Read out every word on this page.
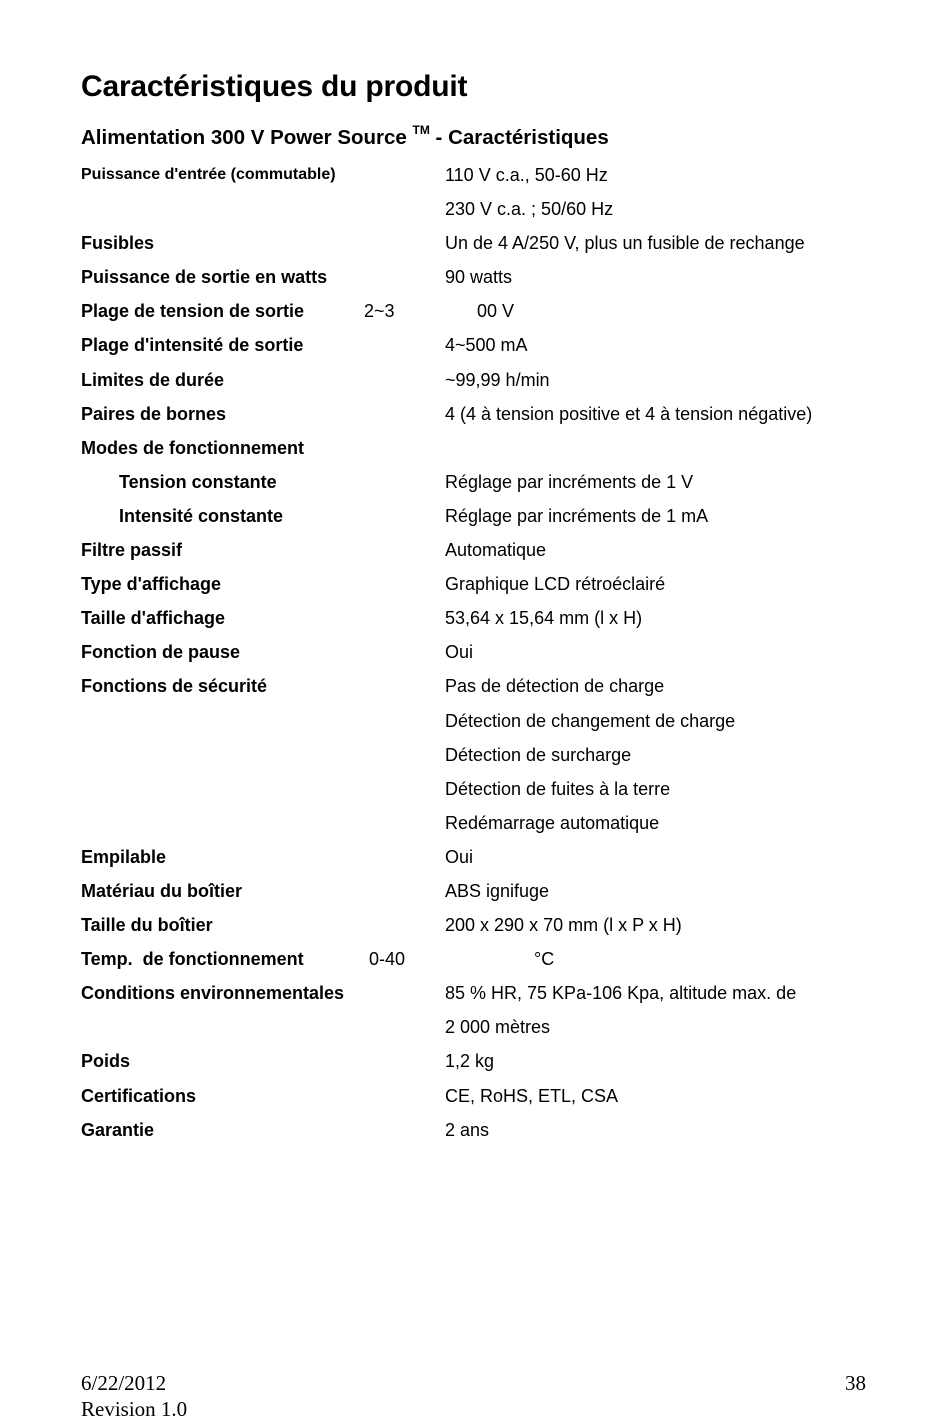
Caractéristiques du produit
Alimentation 300 V Power Source ™ - Caractéristiques
Puissance d'entrée (commutable)	110 V c.a., 50-60 Hz
230 V c.a. ; 50/60 Hz
Fusibles	Un de 4 A/250 V, plus un fusible de rechange
Puissance de sortie en watts	90 watts
Plage de tension de sortie	2~3	00 V
Plage d'intensité de sortie	4~500 mA
Limites de durée	~99,99 h/min
Paires de bornes	4 (4 à tension positive et 4 à tension négative)
Modes de fonctionnement
Tension constante	Réglage par incréments de 1 V
Intensité constante	Réglage par incréments de 1 mA
Filtre passif	Automatique
Type d'affichage	Graphique LCD rétroéclairé
Taille d'affichage	53,64 x 15,64 mm (l x H)
Fonction de pause	Oui
Fonctions de sécurité	Pas de détection de charge
Détection de changement de charge
Détection de surcharge
Détection de fuites à la terre
Redémarrage automatique
Empilable	Oui
Matériau du boîtier	ABS ignifuge
Taille du boîtier	200 x 290 x 70 mm (l x P x H)
Temp.  de fonctionnement	0-40	°C
Conditions environnementales	85 % HR, 75 KPa-106 Kpa, altitude max. de
2 000 mètres
Poids	1,2 kg
Certifications	CE, RoHS, ETL, CSA
Garantie	2 ans
6/22/2012
Revision 1.0
38
